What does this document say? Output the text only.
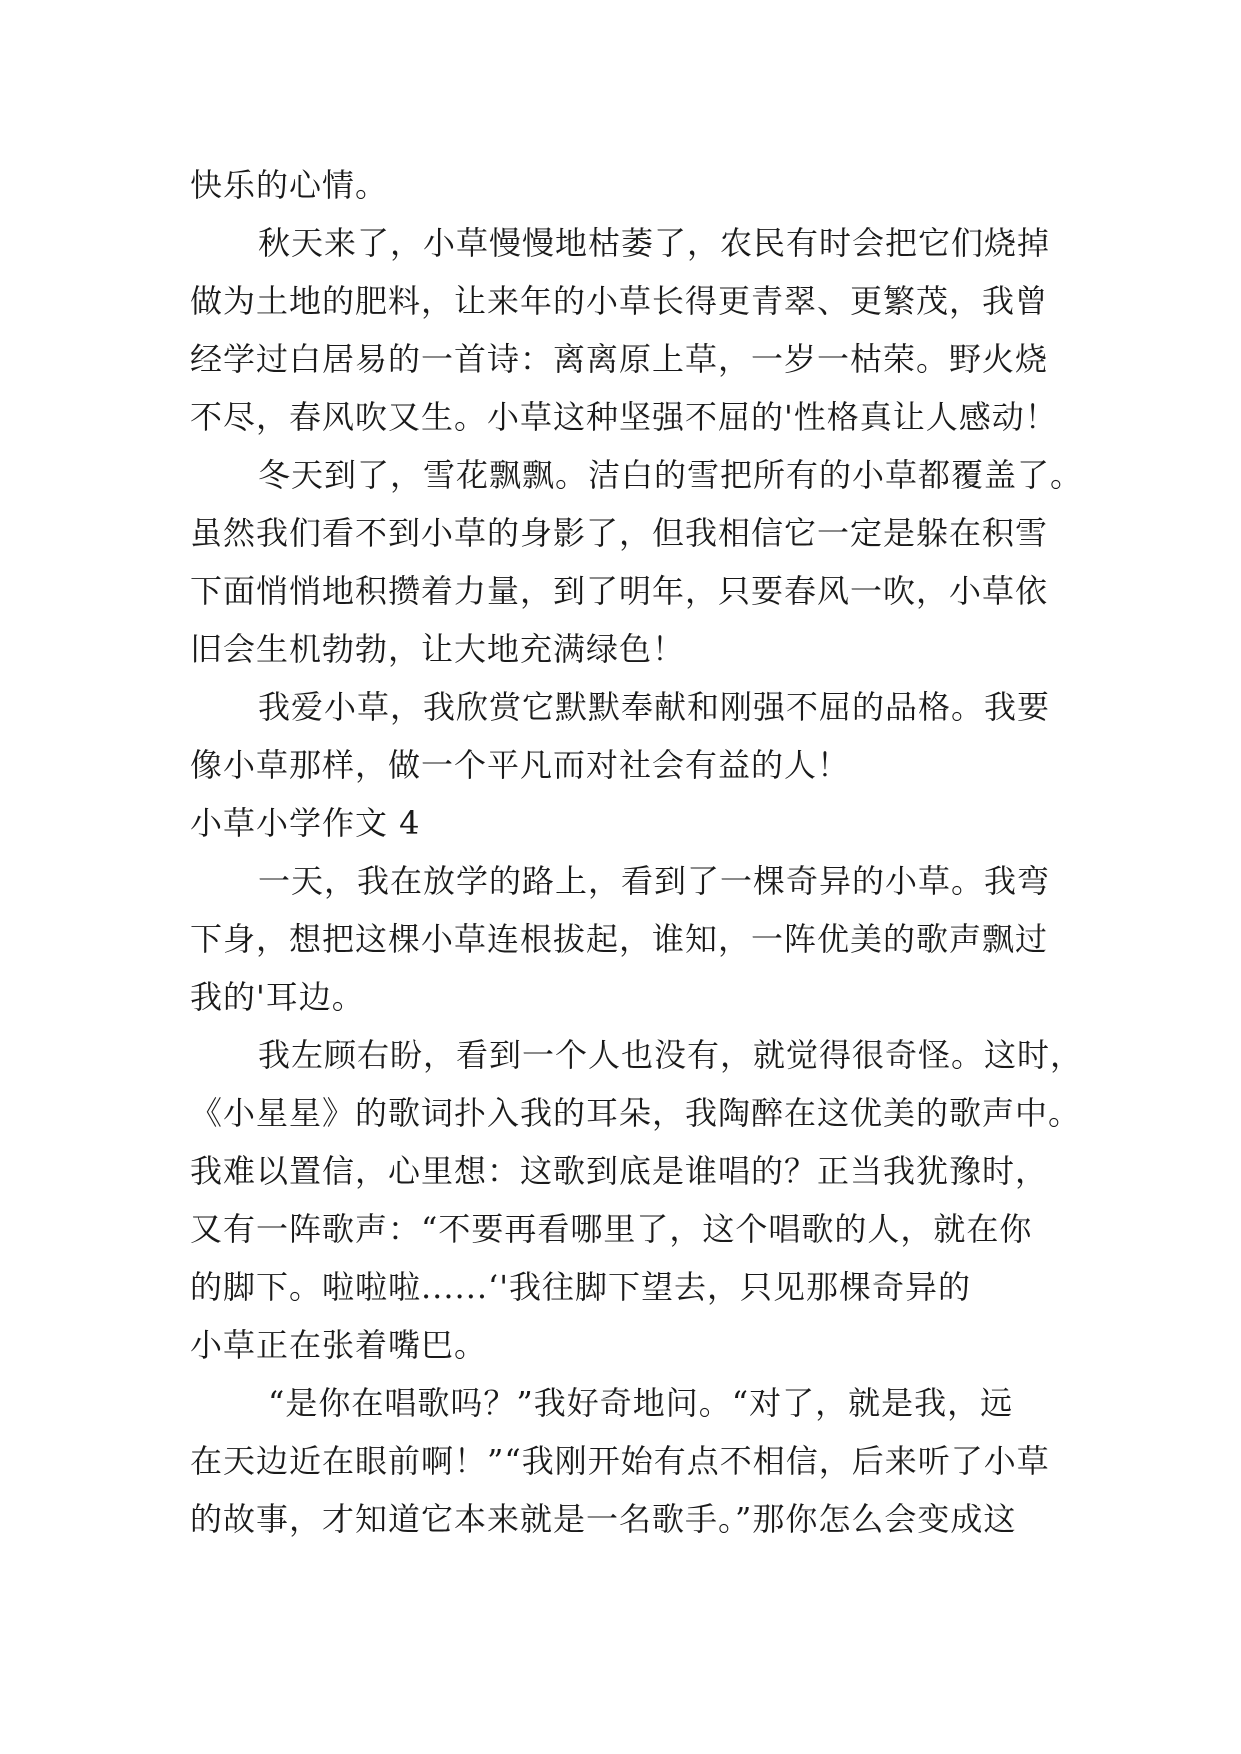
快乐的心情。

秋天来了，小草慢慢地枯萎了，农民有时会把它们烧掉

做为土地的肥料，让来年的小草长得更青翠、更繁茂，我曾

经学过白居易的一首诗：离离原上草，一岁一枯荣。野火烧

不尽，春风吹又生。小草这种坚强不屈的'性格真让人感动！

冬天到了，雪花飘飘。洁白的雪把所有的小草都覆盖了。

虽然我们看不到小草的身影了，但我相信它一定是躲在积雪

下面悄悄地积攒着力量，到了明年，只要春风一吹，小草依

旧会生机勃勃，让大地充满绿色！

我爱小草，我欣赏它默默奉献和刚强不屈的品格。我要

像小草那样，做一个平凡而对社会有益的人！

小草小学作文 4

一天，我在放学的路上，看到了一棵奇异的小草。我弯

下身，想把这棵小草连根拔起，谁知，一阵优美的歌声飘过

我的'耳边。

我左顾右盼，看到一个人也没有，就觉得很奇怪。这时，

《小星星》的歌词扑入我的耳朵，我陶醉在这优美的歌声中。

我难以置信，心里想：这歌到底是谁唱的？正当我犹豫时，

又有一阵歌声：“不要再看哪里了，这个唱歌的人，就在你

的脚下。啦啦啦......‘'我往脚下望去，只见那棵奇异的

小草正在张着嘴巴。

“是你在唱歌吗？”我好奇地问。“对了，就是我，远

在天边近在眼前啊！”“我刚开始有点不相信，后来听了小草

的故事，才知道它本来就是一名歌手。”那你怎么会变成这
